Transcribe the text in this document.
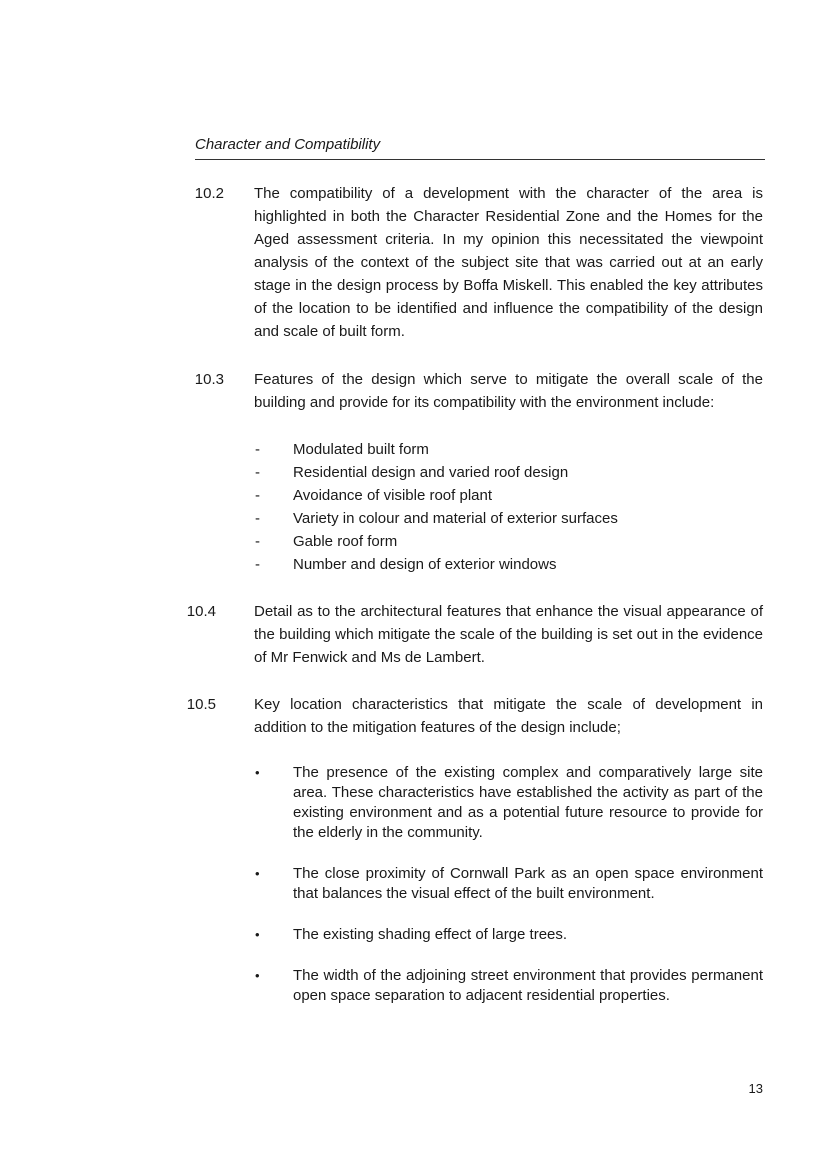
Character and Compatibility
10.2 The compatibility of a development with the character of the area is highlighted in both the Character Residential Zone and the Homes for the Aged assessment criteria. In my opinion this necessitated the viewpoint analysis of the context of the subject site that was carried out at an early stage in the design process by Boffa Miskell. This enabled the key attributes of the location to be identified and influence the compatibility of the design and scale of built form.
10.3 Features of the design which serve to mitigate the overall scale of the building and provide for its compatibility with the environment include:
- Modulated built form
- Residential design and varied roof design
- Avoidance of visible roof plant
- Variety in colour and material of exterior surfaces
- Gable roof form
- Number and design of exterior windows
10.4	Detail as to the architectural features that enhance the visual appearance of the building which mitigate the scale of the building is set out in the evidence of Mr Fenwick and Ms de Lambert.
10.5	Key location characteristics that mitigate the scale of development in addition to the mitigation features of the design include;
• The presence of the existing complex and comparatively large site area. These characteristics have established the activity as part of the existing environment and as a potential future resource to provide for the elderly in the community.
• The close proximity of Cornwall Park as an open space environment that balances the visual effect of the built environment.
• The existing shading effect of large trees.
• The width of the adjoining street environment that provides permanent open space separation to adjacent residential properties.
13
